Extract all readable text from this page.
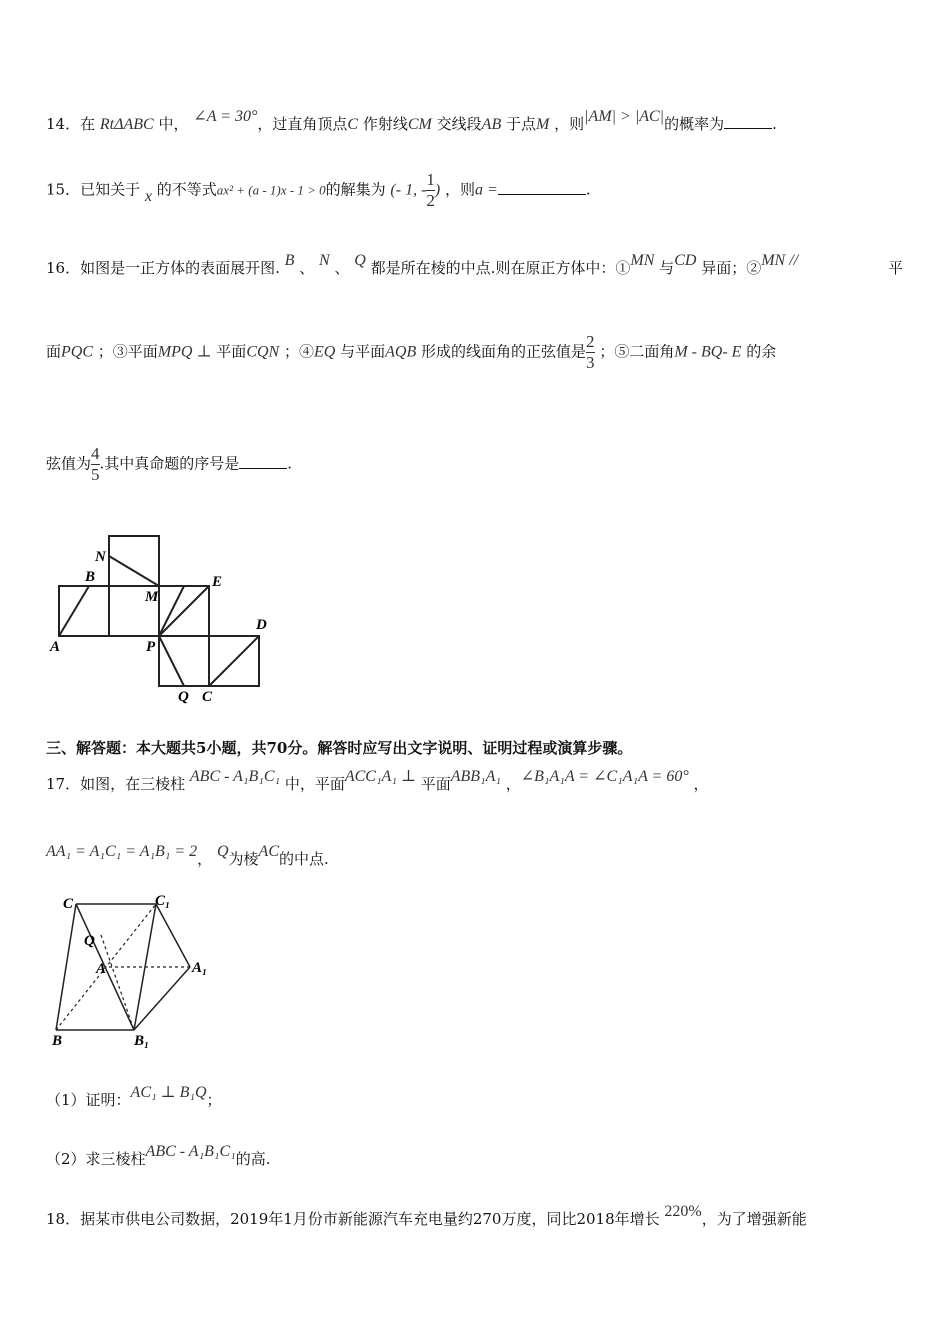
14．在 RtΔABC 中， ∠A = 30°，过直角顶点C 作射线CM 交线段AB 于点M ，则|AM| > |AC|的概率为	.
15．已知关于 x 的不等式ax² + (a - 1)x - 1 > 0的解集为 (- 1, - $\frac{1}{2}$ ) ，则a =	.
16．如图是一正方体的表面展开图. B 、 N 、 Q 都是所在棱的中点.则在原正方体中：①MN 与CD 异面；②MN //	平
面PQC ；③平面MPQ ⊥ 平面CQN ；④EQ 与平面AQB 形成的线面角的正弦值是 $\frac{2}{3}$ ；⑤二面角M - BQ- E 的余
弦值为 $\frac{4}{5}$ .其中真命题的序号是	.
N
B
M
E
A	P
D
Q C
三、解答题：本大题共5小题，共70分。解答时应写出文字说明、证明过程或演算步骤。
17．如图，在三棱柱 ABC - A₁B₁C₁ 中，平面ACC₁A₁ ⊥ 平面ABB₁A₁ ，∠B₁A₁A = ∠C₁A₁A = 60° ，
AA₁ = A₁C₁ = A₁B₁ = 2， Q为棱AC的中点.
C	C₁
Q
A	A₁
B	B₁
（1）证明：AC₁ ⊥ B₁Q；
（2）求三棱柱ABC - A₁B₁C₁的高.
18．据某市供电公司数据，2019年1月份市新能源汽车充电量约270万度，同比2018年增长 220%，为了增强新能
